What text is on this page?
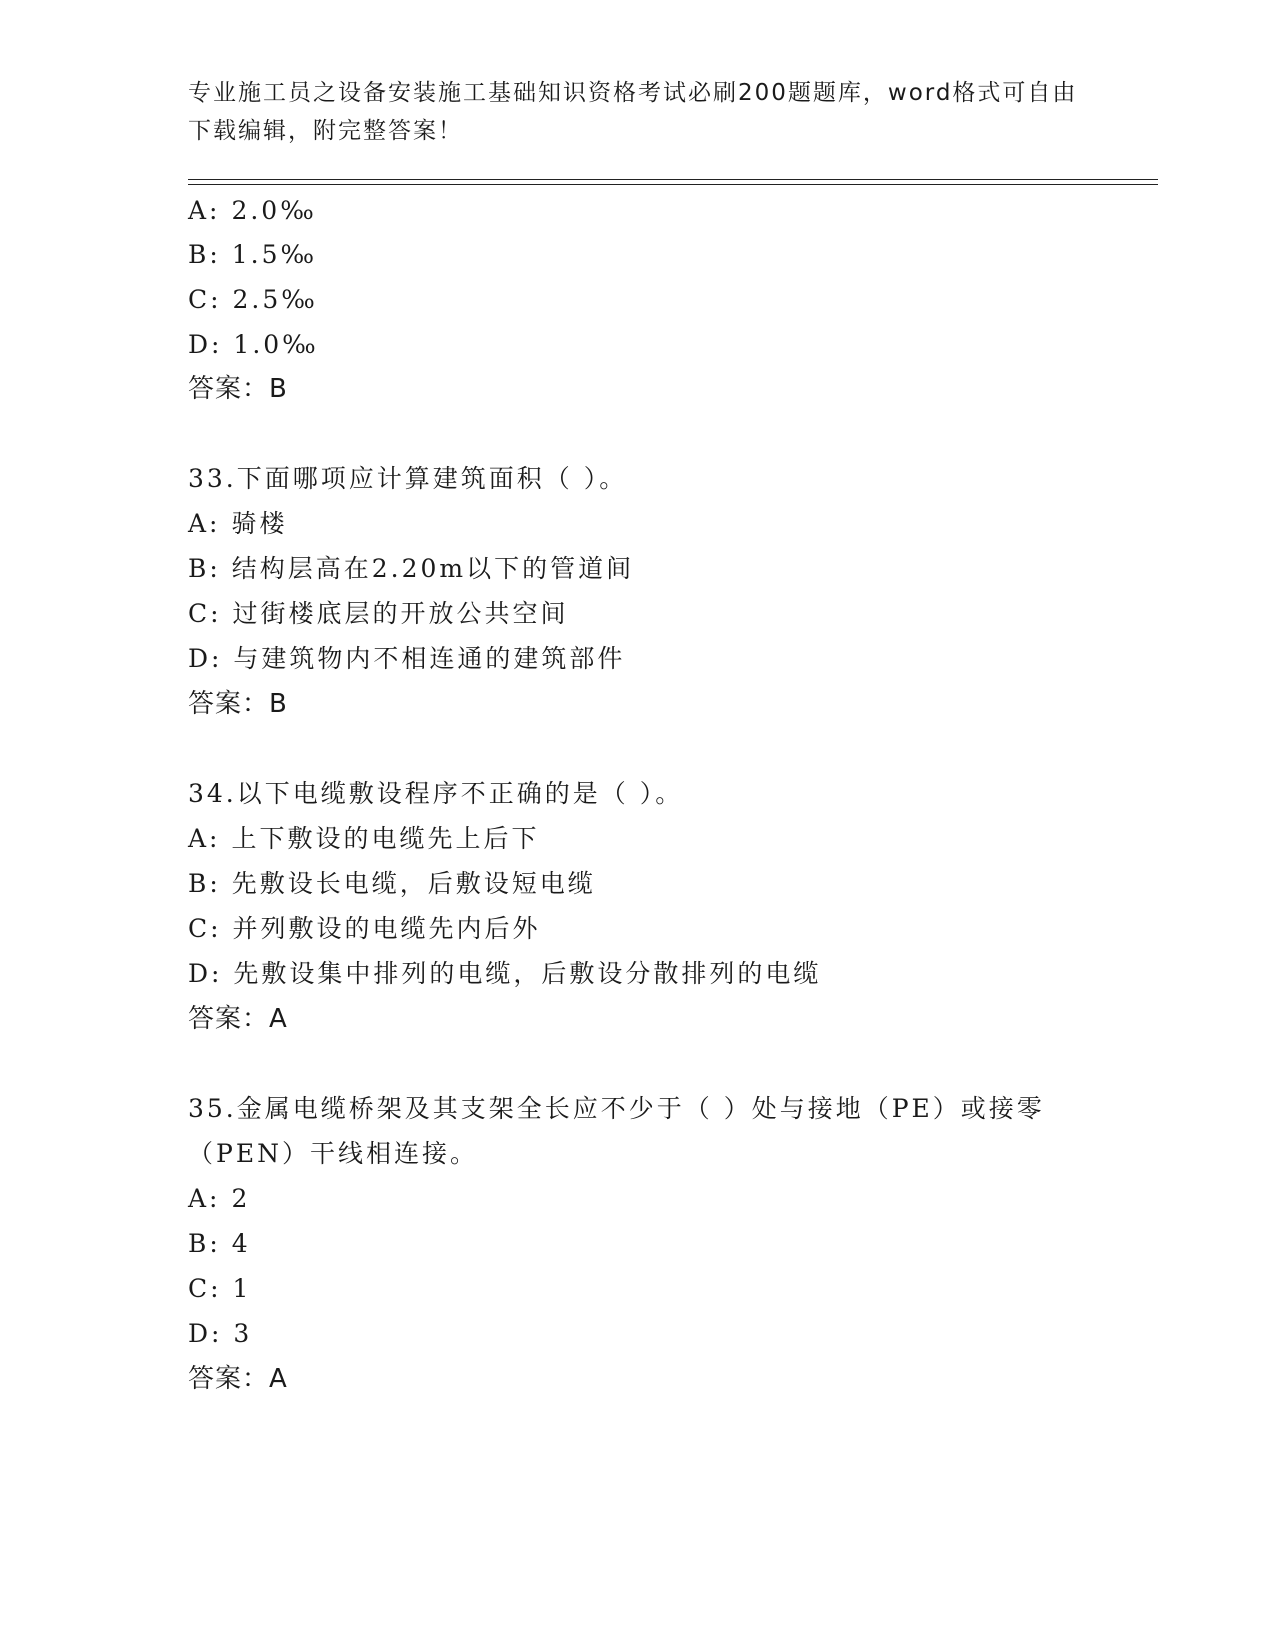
专业施工员之设备安装施工基础知识资格考试必刷200题题库，word格式可自由
下载编辑，附完整答案！
A: 2.0‰
B: 1.5‰
C: 2.5‰
D: 1.0‰
答案：B
33.下面哪项应计算建筑面积（ ）。
A: 骑楼
B: 结构层高在2.20m以下的管道间
C: 过街楼底层的开放公共空间
D: 与建筑物内不相连通的建筑部件
答案：B
34.以下电缆敷设程序不正确的是（ ）。
A: 上下敷设的电缆先上后下
B: 先敷设长电缆，后敷设短电缆
C: 并列敷设的电缆先内后外
D: 先敷设集中排列的电缆，后敷设分散排列的电缆
答案：A
35.金属电缆桥架及其支架全长应不少于（ ）处与接地（PE）或接零
（PEN）干线相连接。
A: 2
B: 4
C: 1
D: 3
答案：A
